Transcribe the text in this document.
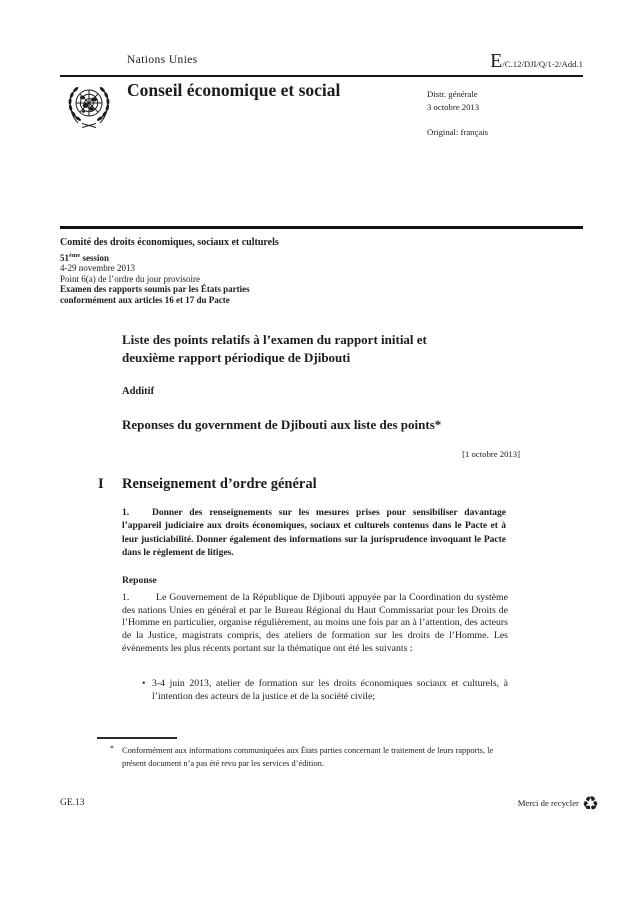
Nations Unies	E/C.12/DJI/Q/1-2/Add.1
Conseil économique et social	Distr. générale
3 octobre 2013
Original: français
Comité des droits économiques, sociaux et culturels
51ème session
4-29 novembre 2013
Point 6(a) de l’ordre du jour provisoire
Examen des rapports soumis par les États parties
conformément aux articles 16 et 17 du Pacte
Liste des points relatifs à l’examen du rapport initial et
deuxième rapport périodique de Djibouti
Additif
Reponses du government de Djibouti aux liste des points*
[1 octobre 2013]
I Renseignement d’ordre général
1. Donner des renseignements sur les mesures prises pour sensibiliser davantage l’appareil judiciaire aux droits économiques, sociaux et culturels contenus dans le Pacte et à leur justiciabilité. Donner également des informations sur la jurisprudence invoquant le Pacte dans le règlement de litiges.
Reponse
1.	Le Gouvernement de la République de Djibouti appuyée par la Coordination du système des nations Unies en général et par le Bureau Régional du Haut Commissariat pour les Droits de l’Homme en particulier, organise régulièrement, au moins une fois par an à l’attention, des acteurs de la Justice, magistrats compris, des ateliers de formation sur les droits de l’Homme. Les évènements les plus récents portant sur la thématique ont été les suivants :
• 3-4 juin 2013, atelier de formation sur les droits économiques sociaux et culturels, à l’intention des acteurs de la justice et de la société civile;
* Conformément aux informations communiquées aux États parties concernant le traitement de leurs rapports, le présent document n’a pas été revu par les services d’édition.
GE.13	Merci de recycler ♻
